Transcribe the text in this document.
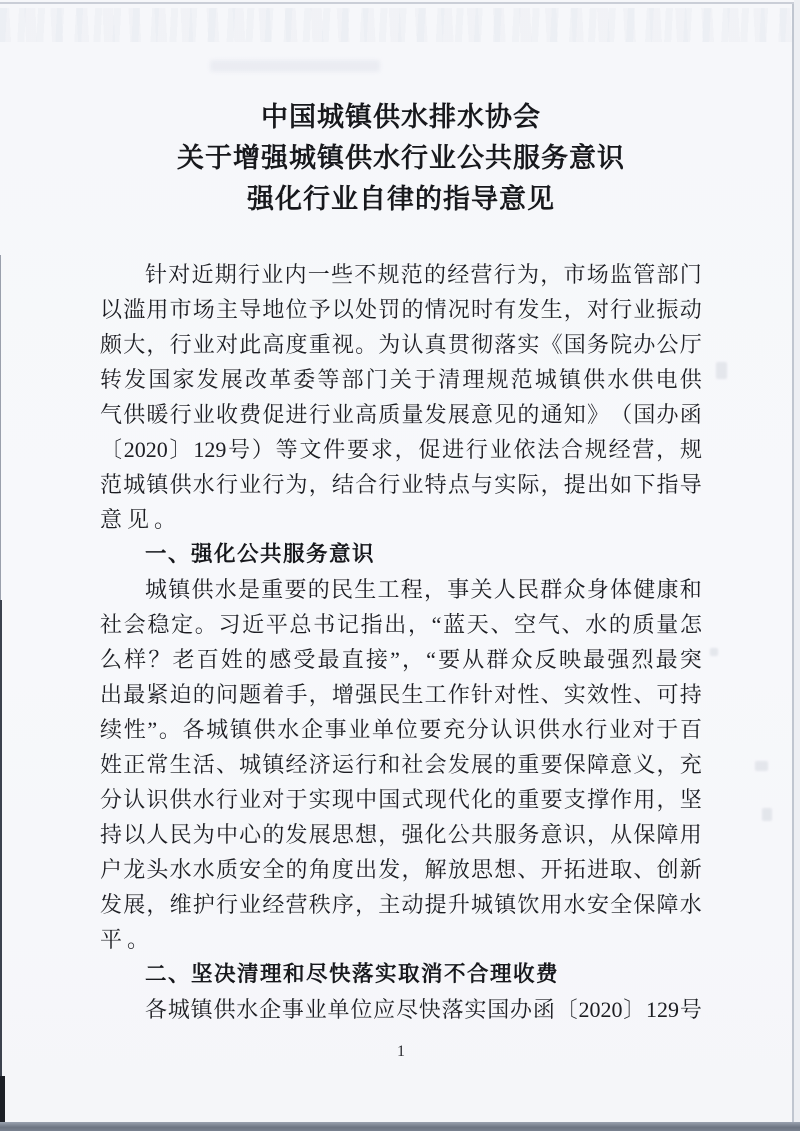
中国城镇供水排水协会
关于增强城镇供水行业公共服务意识
强化行业自律的指导意见
针 对 近 期 行 业 内 一 些 不 规 范 的 经 营 行 为 ， 市 场 监 管 部 门
以 滥 用 市 场 主 导 地 位 予 以 处 罚 的 情 况 时 有 发 生 ， 对 行 业 振 动
颇 大 ， 行 业 对 此 高 度 重 视 。 为 认 真 贯 彻 落 实 《 国 务 院 办 公 厅
转 发 国 家 发 展 改 革 委 等 部 门 关 于 清 理 规 范 城 镇 供 水 供 电 供
气 供 暖 行 业 收 费 促 进 行 业 高 质 量 发 展 意 见 的 通 知 》 （ 国 办 函
〔 2020 〕 129 号 ） 等 文 件 要 求 ， 促 进 行 业 依 法 合 规 经 营 ， 规
范 城 镇 供 水 行 业 行 为 ， 结 合 行 业 特 点 与 实 际 ， 提 出 如 下 指 导
意见。
一、强化公共服务意识
城 镇 供 水 是 重 要 的 民 生 工 程 ， 事 关 人 民 群 众 身 体 健 康 和
社 会 稳 定 。 习 近 平 总 书 记 指 出 ， “ 蓝 天 、 空 气 、 水 的 质 量 怎
么 样 ？ 老 百 姓 的 感 受 最 直 接 ” ， “ 要 从 群 众 反 映 最 强 烈 最 突
出 最 紧 迫 的 问 题 着 手 ， 增 强 民 生 工 作 针 对 性 、 实 效 性 、 可 持
续 性 ” 。 各 城 镇 供 水 企 事 业 单 位 要 充 分 认 识 供 水 行 业 对 于 百
姓 正 常 生 活 、 城 镇 经 济 运 行 和 社 会 发 展 的 重 要 保 障 意 义 ， 充
分 认 识 供 水 行 业 对 于 实 现 中 国 式 现 代 化 的 重 要 支 撑 作 用 ， 坚
持 以 人 民 为 中 心 的 发 展 思 想 ， 强 化 公 共 服 务 意 识 ， 从 保 障 用
户 龙 头 水 水 质 安 全 的 角 度 出 发 ， 解 放 思 想 、 开 拓 进 取 、 创 新
发 展 ， 维 护 行 业 经 营 秩 序 ， 主 动 提 升 城 镇 饮 用 水 安 全 保 障 水
平。
二、坚决清理和尽快落实取消不合理收费
各 城 镇 供 水 企 事 业 单 位 应 尽 快 落 实 国 办 函 〔 2020 〕 129 号
1
